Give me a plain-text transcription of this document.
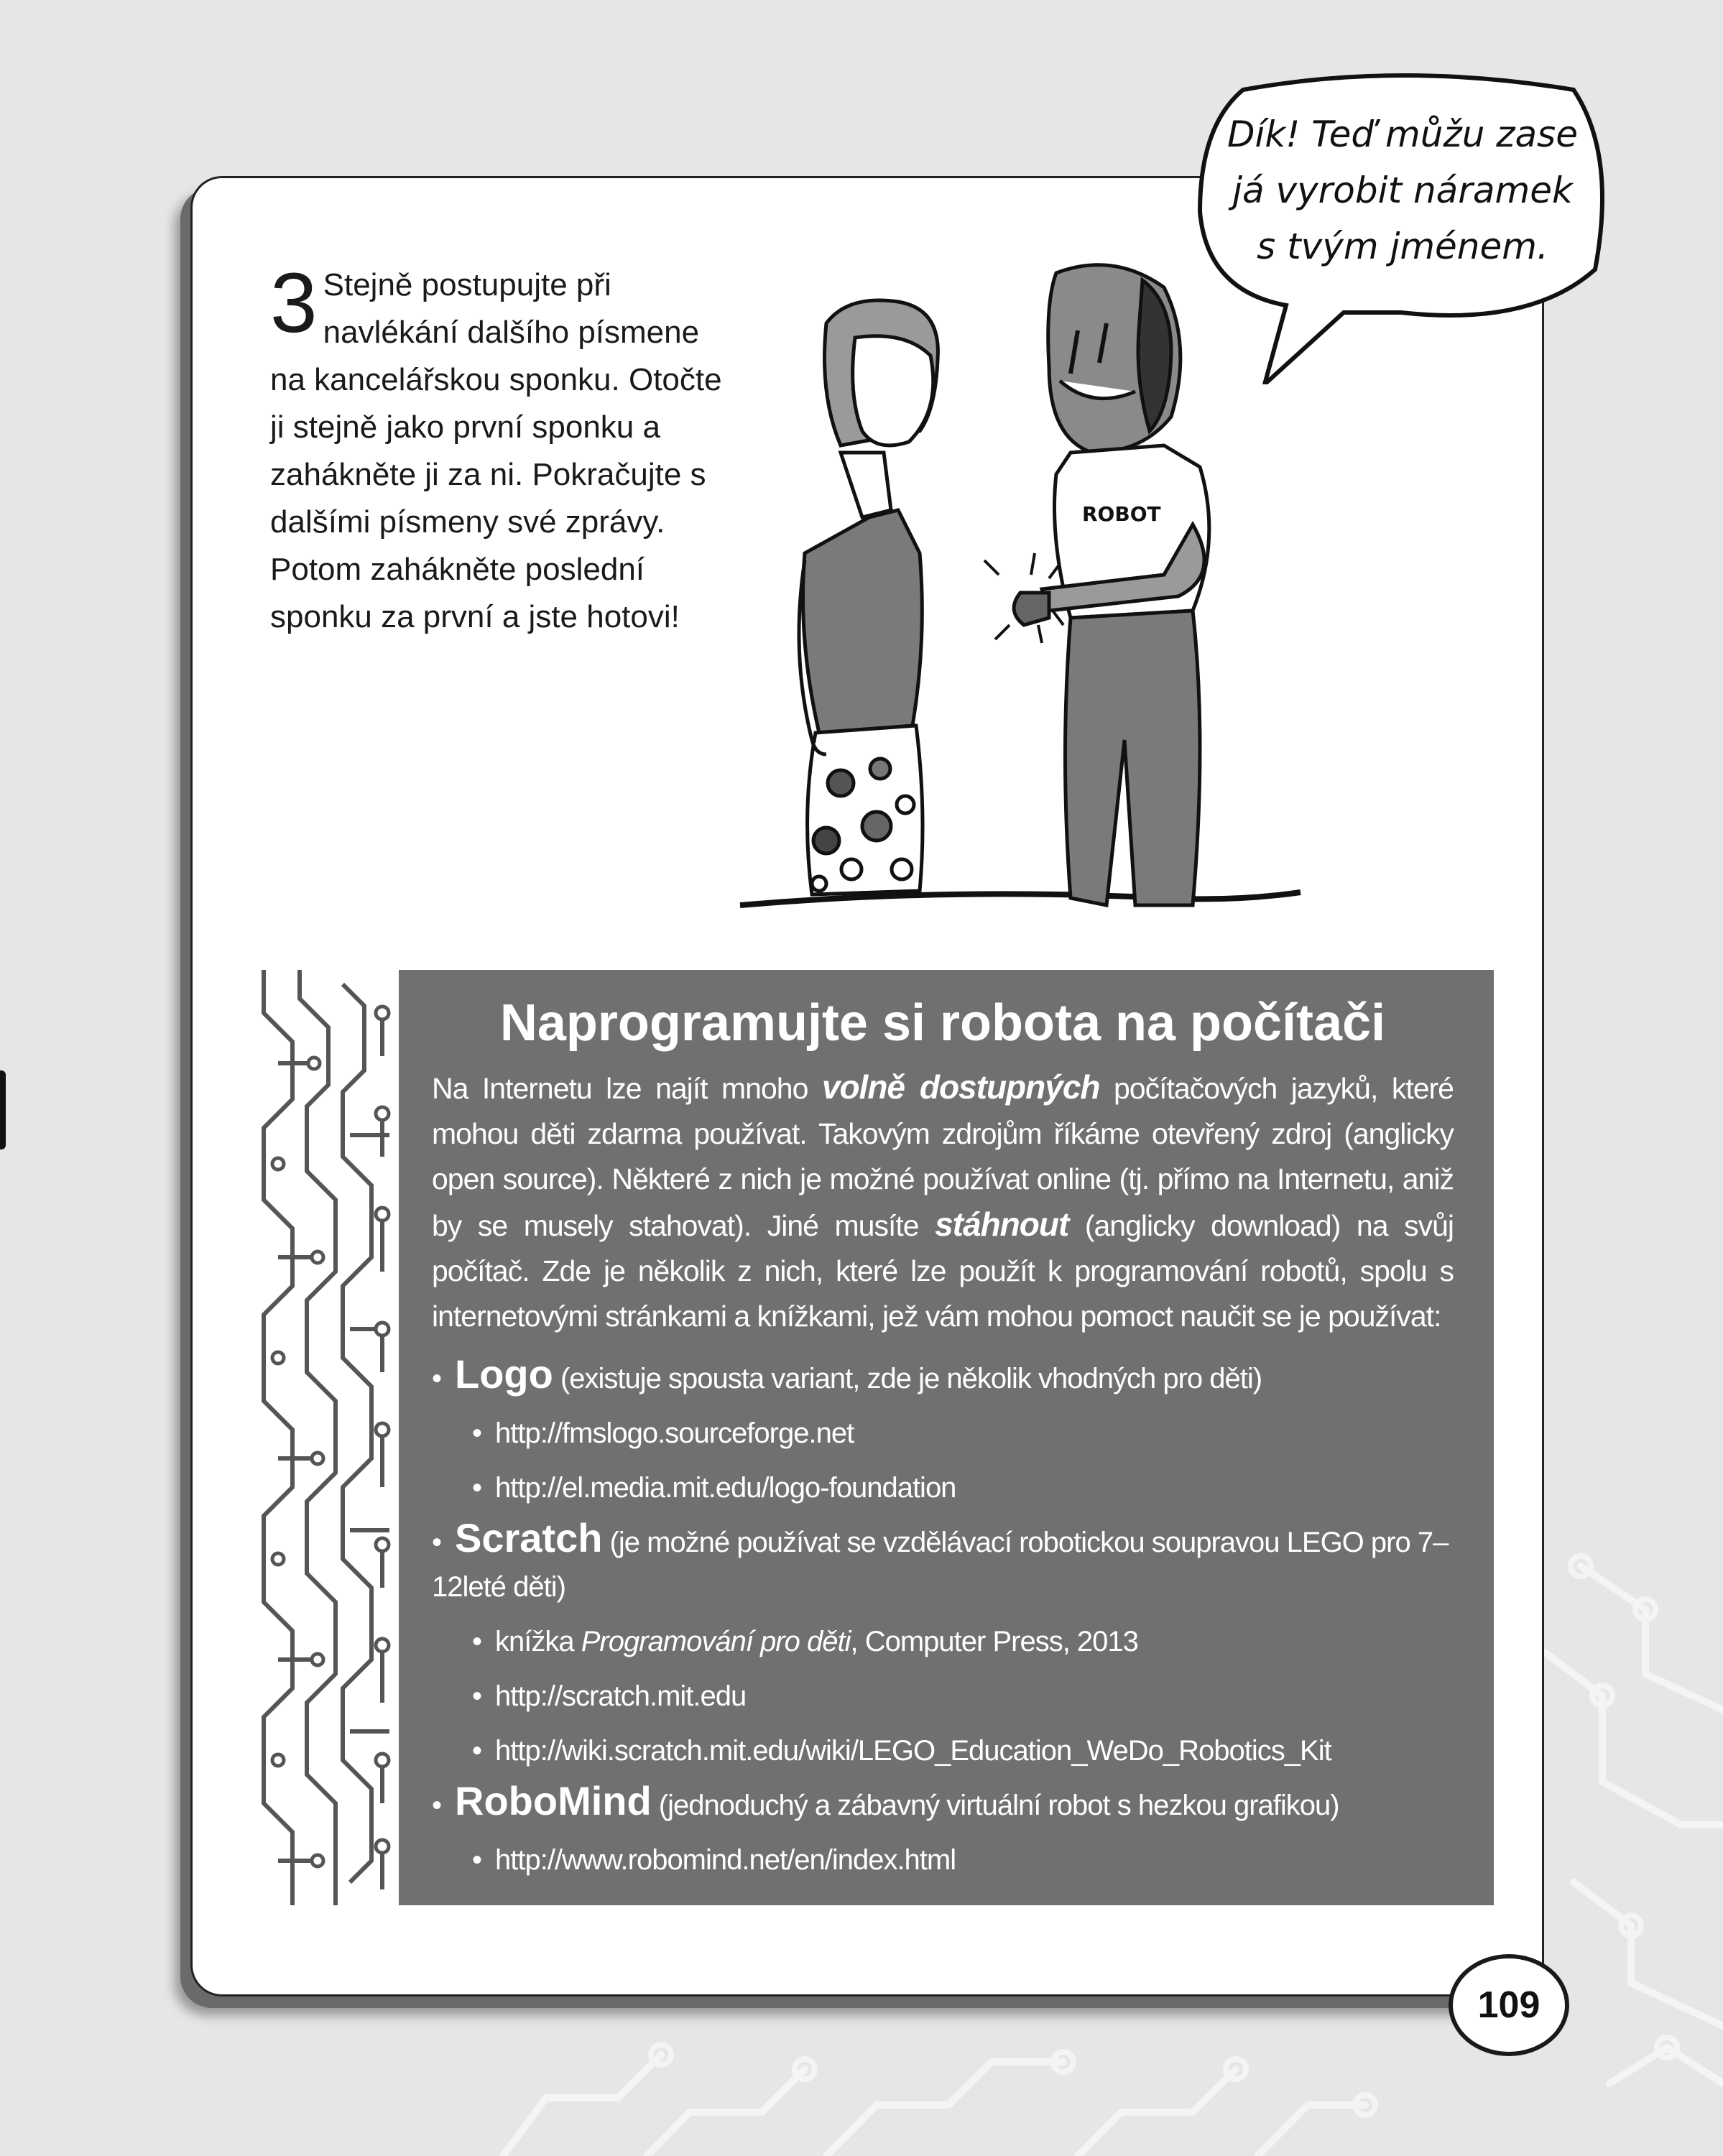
3 Stejně postupujte při navlékání dalšího písmene na kancelářskou sponku. Otočte ji stejně jako první sponku a zahákněte ji za ni. Pokračujte s dalšími písmeny své zprávy. Potom zahákněte poslední sponku za první a jste hotovi!
ROBOT
Dík! Teď můžu zase
já vyrobit náramek
s tvým jménem.
Naprogramujte si robota na počítači

Na Internetu lze najít mnoho volně dostupných počítačových jazyků, které mohou děti zdarma používat. Takovým zdrojům říkáme otevřený zdroj (anglicky open source). Některé z nich je možné používat online (tj. přímo na Internetu, aniž by se musely stahovat). Jiné musíte stáhnout (anglicky download) na svůj počítač. Zde je několik z nich, které lze použít k programování robotů, spolu s internetovými stránkami a knížkami, jež vám mohou pomoct naučit se je používat:

• Logo (existuje spousta variant, zde je několik vhodných pro děti)
• http://fmslogo.sourceforge.net
• http://el.media.mit.edu/logo-foundation
• Scratch (je možné používat se vzdělávací robotickou soupravou LEGO pro 7–12leté děti)
• knížka Programování pro děti, Computer Press, 2013
• http://scratch.mit.edu
• http://wiki.scratch.mit.edu/wiki/LEGO_Education_WeDo_Robotics_Kit
• RoboMind (jednoduchý a zábavný virtuální robot s hezkou grafikou)
• http://www.robomind.net/en/index.html
109
